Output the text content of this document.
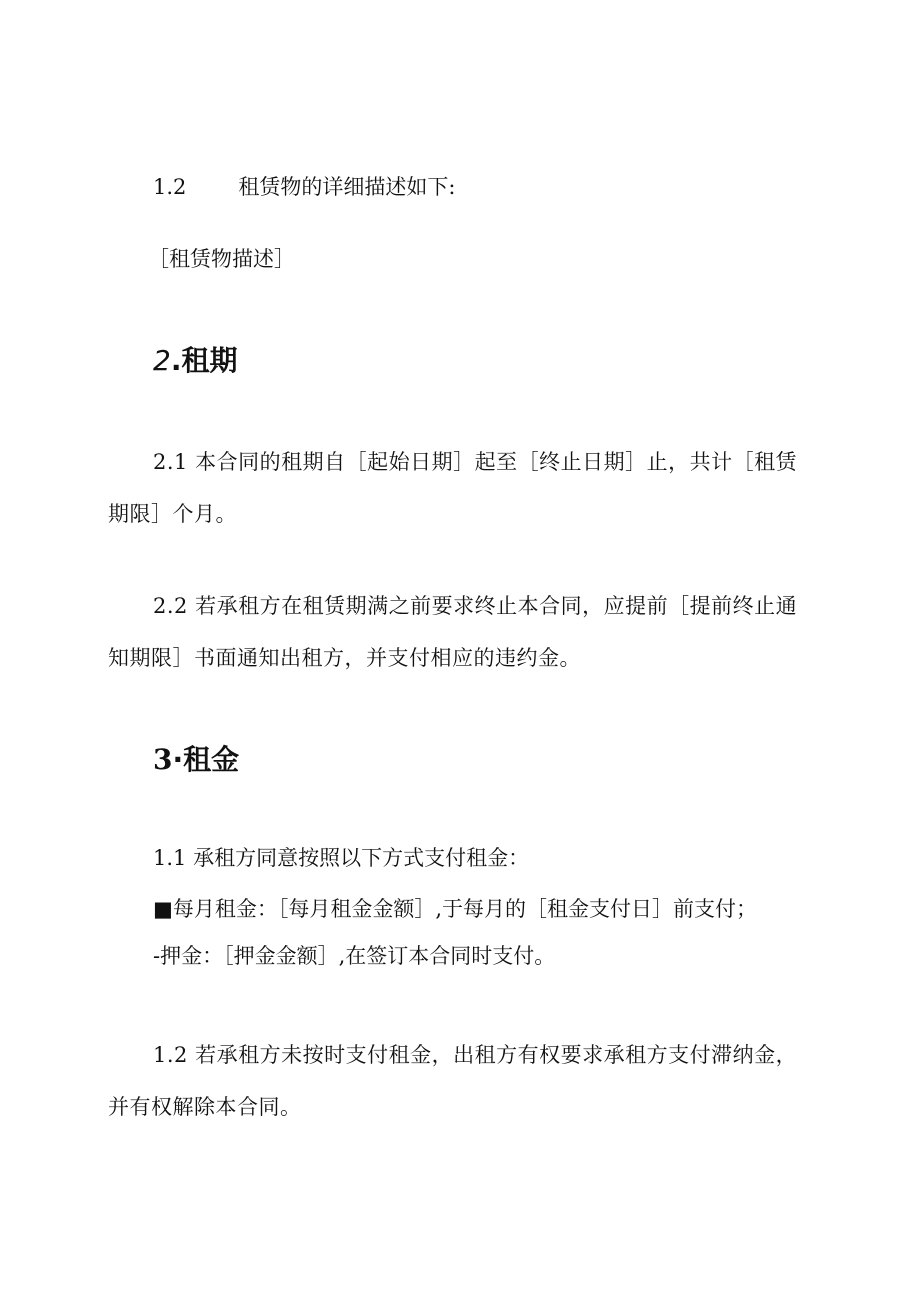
1.2 租赁物的详细描述如下:
［租赁物描述］
2.租期
2.1 本合同的租期自［起始日期］起至［终止日期］止，共计［租赁期限］个月。
2.2 若承租方在租赁期满之前要求终止本合同，应提前［提前终止通知期限］书面通知出租方，并支付相应的违约金。
3·租金
1.1 承租方同意按照以下方式支付租金：
■每月租金：［每月租金金额］,于每月的［租金支付日］前支付；
-押金：［押金金额］,在签订本合同时支付。
1.2 若承租方未按时支付租金，出租方有权要求承租方支付滞纳金，并有权解除本合同。
